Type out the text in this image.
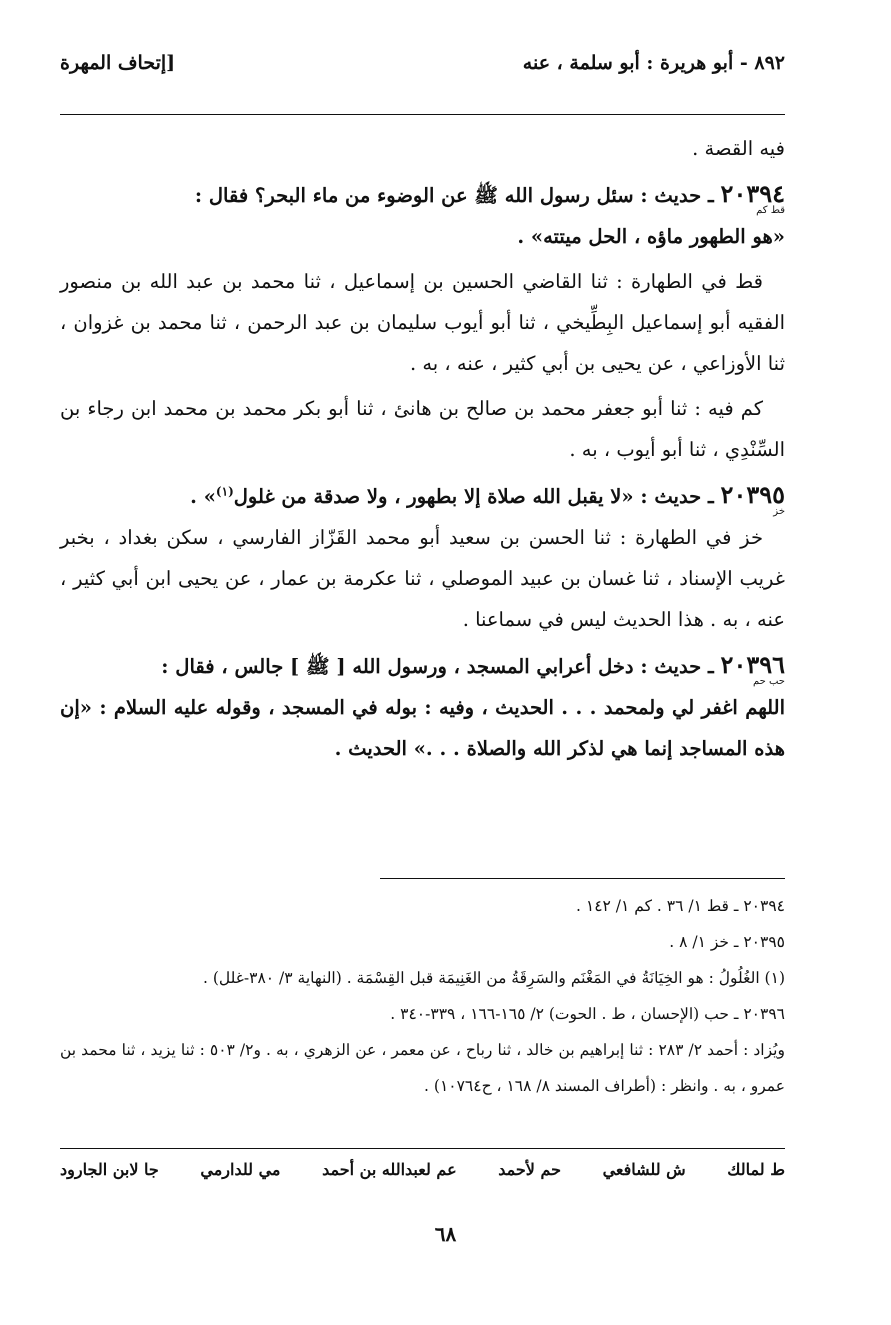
٨٩٢ - أبو هريرة : أبو سلمة ، عنه
[إتحاف المهرة

فيه القصة .

٢٠٣٩٤ ـ حديث : سئل رسول الله ﷺ عن الوضوء من ماء البحر؟ فقال :

قط كم

«هو الطهور ماؤه ، الحل ميتته» .

قط في الطهارة : ثنا القاضي الحسين بن إسماعيل ، ثنا محمد بن عبد الله بن منصور الفقيه أبو إسماعيل البِطِّيخي ، ثنا أبو أيوب سليمان بن عبد الرحمن ، ثنا محمد بن غزوان ، ثنا الأوزاعي ، عن يحيى بن أبي كثير ، عنه ، به .

كم فيه : ثنا أبو جعفر محمد بن صالح بن هانئ ، ثنا أبو بكر محمد بن محمد ابن رجاء بن السِّنْدِي ، ثنا أبو أيوب ، به .

٢٠٣٩٥ ـ حديث : «لا يقبل الله صلاة إلا بطهور ، ولا صدقة من غلول$^{(١)}$» .

خز

خز في الطهارة : ثنا الحسن بن سعيد أبو محمد القَزّاز الفارسي ، سكن بغداد ، بخبر غريب الإسناد ، ثنا غسان بن عبيد الموصلي ، ثنا عكرمة بن عمار ، عن يحيى ابن أبي كثير ، عنه ، به . هذا الحديث ليس في سماعنا .

٢٠٣٩٦ ـ حديث : دخل أعرابي المسجد ، ورسول الله [ ﷺ ] جالس ، فقال :

حب حم

اللهم اغفر لي ولمحمد . . . الحديث ، وفيه : بوله في المسجد ، وقوله عليه السلام : «إن هذه المساجد إنما هي لذكر الله والصلاة . . .» الحديث .

٢٠٣٩٤ ـ قط ١/ ٣٦ . كم ١/ ١٤٢ .

٢٠٣٩٥ ـ خز ١/ ٨ .

(١) الغُلُولُ : هو الخِيَانَةُ في المَغْنَم والسَرِقَةُ من الغَنِيمَة قبل القِسْمَة . (النهاية ٣/ ٣٨٠-غلل) .

٢٠٣٩٦ ـ حب (الإحسان ، ط . الحوت) ٢/ ١٦٥-١٦٦ ، ٣٣٩-٣٤٠ .

ويُزاد : أحمد ٢/ ٢٨٣ : ثنا إبراهيم بن خالد ، ثنا رباح ، عن معمر ، عن الزهري ، به . و٢/ ٥٠٣ : ثنا يزيد ، ثنا محمد بن عمرو ، به . وانظر : (أطراف المسند ٨/ ١٦٨ ، ح١٠٧٦٤) .

ط لمالك
ش للشافعي
حم لأحمد
عم لعبدالله بن أحمد
مي للدارمي
جا لابن الجارود
٦٨
